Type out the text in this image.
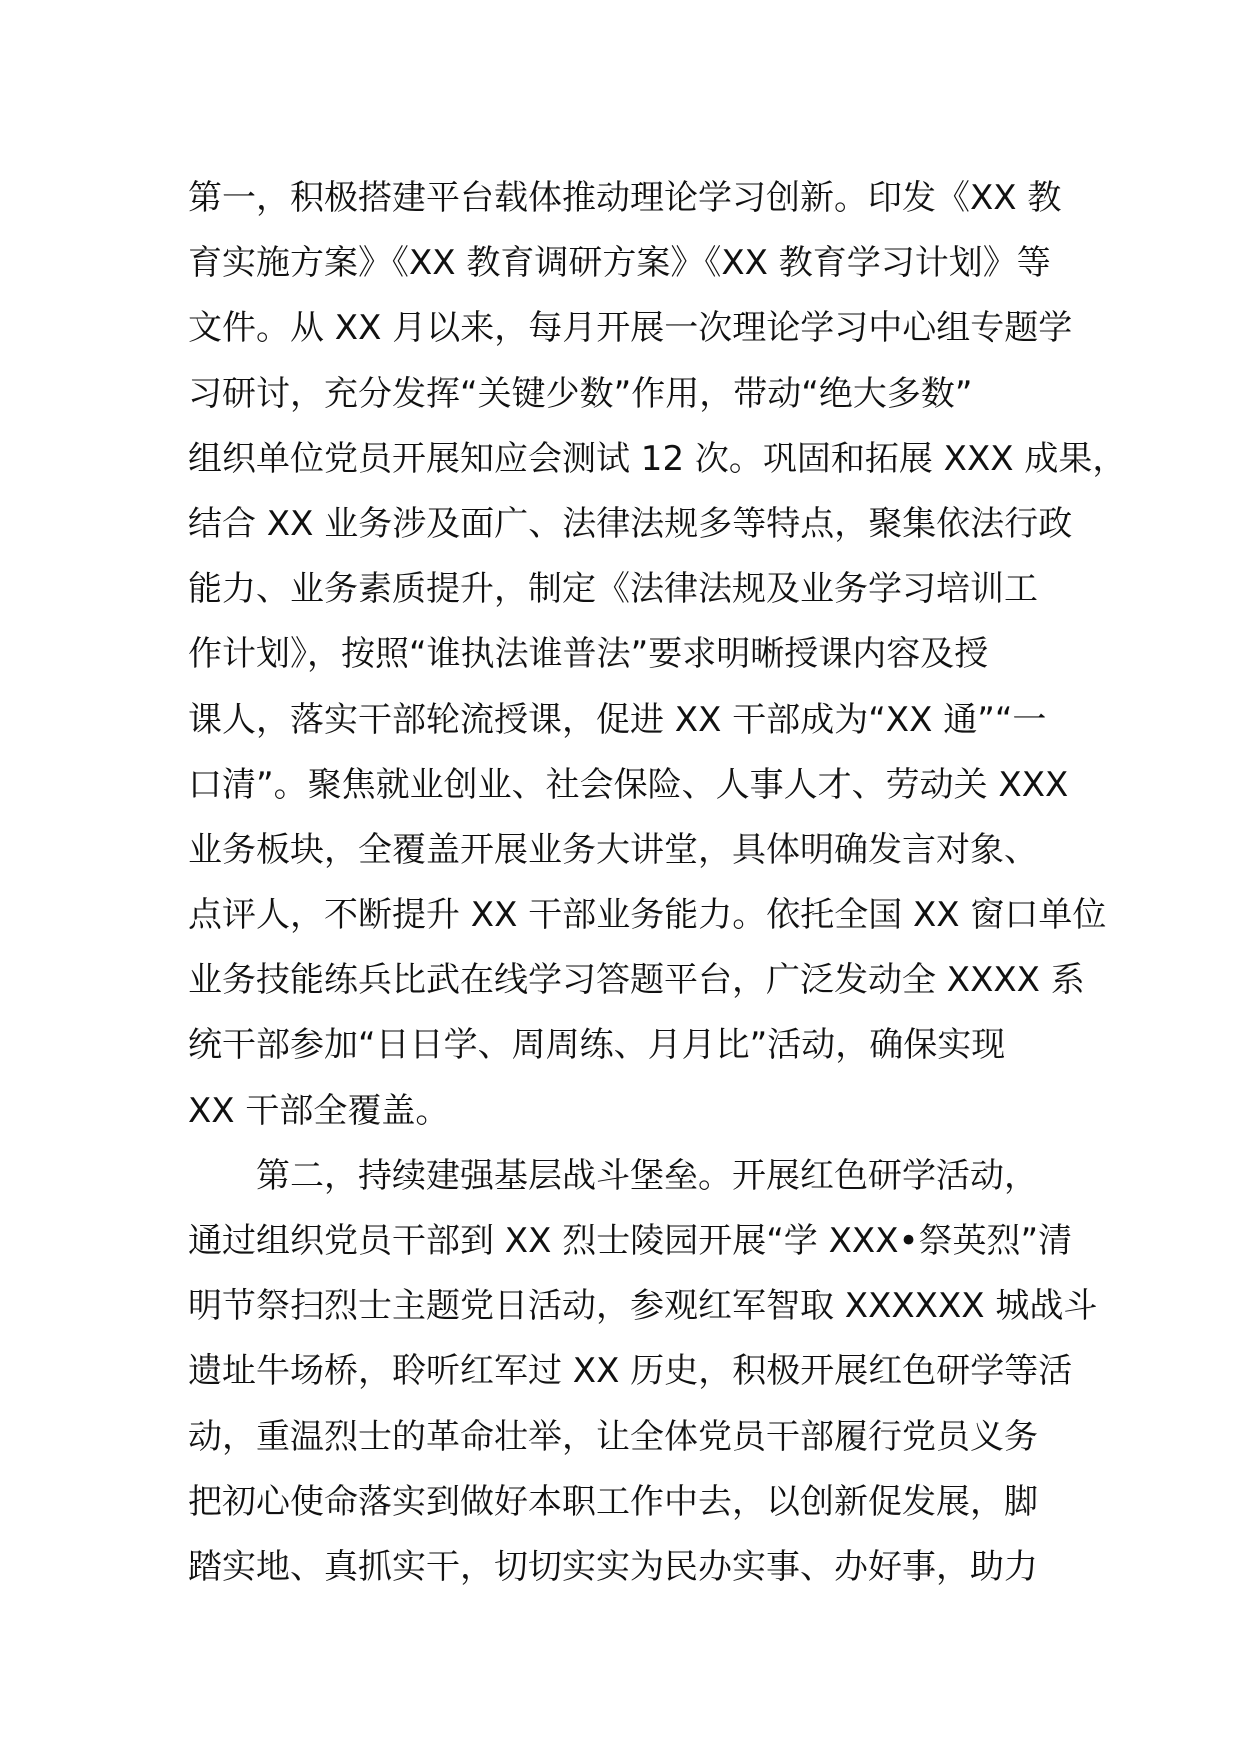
第一，积极搭建平台载体推动理论学习创新。印发《XX 教
育实施方案》《XX 教育调研方案》《XX 教育学习计划》等
文件。从 XX 月以来，每月开展一次理论学习中心组专题学
习研讨，充分发挥“关键少数”作用，带动“绝大多数”
组织单位党员开展知应会测试 12 次。巩固和拓展 XXX 成果，
结合 XX 业务涉及面广、法律法规多等特点，聚集依法行政
能力、业务素质提升，制定《法律法规及业务学习培训工
作计划》，按照“谁执法谁普法”要求明晰授课内容及授
课人，落实干部轮流授课，促进 XX 干部成为“XX 通”“一
口清”。聚焦就业创业、社会保险、人事人才、劳动关 XXX
业务板块，全覆盖开展业务大讲堂，具体明确发言对象、
点评人，不断提升 XX 干部业务能力。依托全国 XX 窗口单位
业务技能练兵比武在线学习答题平台，广泛发动全 XXXX 系
统干部参加“日日学、周周练、月月比”活动，确保实现
XX 干部全覆盖。
第二，持续建强基层战斗堡垒。开展红色研学活动，
通过组织党员干部到 XX 烈士陵园开展“学 XXX•祭英烈”清
明节祭扫烈士主题党日活动，参观红军智取 XXXXXX 城战斗
遗址牛场桥，聆听红军过 XX 历史，积极开展红色研学等活
动，重温烈士的革命壮举，让全体党员干部履行党员义务
把初心使命落实到做好本职工作中去，以创新促发展，脚
踏实地、真抓实干，切切实实为民办实事、办好事，助力
